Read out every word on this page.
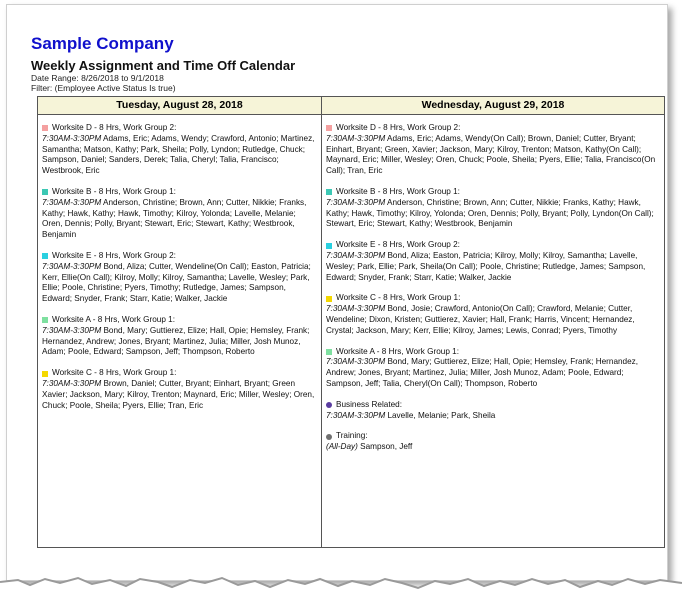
Sample Company
Weekly Assignment and Time Off Calendar
Date Range: 8/26/2018 to 9/1/2018
Filter: (Employee Active Status Is true)
Tuesday, August 28, 2018
Worksite D - 8 Hrs, Work Group 2:
7:30AM-3:30PM Adams, Eric; Adams, Wendy; Crawford, Antonio; Martinez, Samantha; Matson, Kathy; Park, Sheila; Polly, Lyndon; Rutledge, Chuck; Sampson, Daniel; Sanders, Derek; Talia, Cheryl; Talia, Francisco; Westbrook, Eric
Worksite B - 8 Hrs, Work Group 1:
7:30AM-3:30PM Anderson, Christine; Brown, Ann; Cutter, Nikkie; Franks, Kathy; Hawk, Kathy; Hawk, Timothy; Kilroy, Yolonda; Lavelle, Melanie; Oren, Dennis; Polly, Bryant; Stewart, Eric; Stewart, Kathy; Westbrook, Benjamin
Worksite E - 8 Hrs, Work Group 2:
7:30AM-3:30PM Bond, Aliza; Cutter, Wendeline(On Call); Easton, Patricia; Kerr, Ellie(On Call); Kilroy, Molly; Kilroy, Samantha; Lavelle, Wesley; Park, Ellie; Poole, Christine; Pyers, Timothy; Rutledge, James; Sampson, Edward; Snyder, Frank; Starr, Katie; Walker, Jackie
Worksite A - 8 Hrs, Work Group 1:
7:30AM-3:30PM Bond, Mary; Guttierez, Elize; Hall, Opie; Hemsley, Frank; Hernandez, Andrew; Jones, Bryant; Martinez, Julia; Miller, Josh Munoz, Adam; Poole, Edward; Sampson, Jeff; Thompson, Roberto
Worksite C - 8 Hrs, Work Group 1:
7:30AM-3:30PM Brown, Daniel; Cutter, Bryant; Einhart, Bryant; Green Xavier; Jackson, Mary; Kilroy, Trenton; Maynard, Eric; Miller, Wesley; Oren, Chuck; Poole, Sheila; Pyers, Ellie; Tran, Eric
Wednesday, August 29, 2018
Worksite D - 8 Hrs, Work Group 2:
7:30AM-3:30PM Adams, Eric; Adams, Wendy(On Call); Brown, Daniel; Cutter, Bryant; Einhart, Bryant; Green, Xavier; Jackson, Mary; Kilroy, Trenton; Matson, Kathy(On Call); Maynard, Eric; Miller, Wesley; Oren, Chuck; Poole, Sheila; Pyers, Ellie; Talia, Francisco(On Call); Tran, Eric
Worksite B - 8 Hrs, Work Group 1:
7:30AM-3:30PM Anderson, Christine; Brown, Ann; Cutter, Nikkie; Franks, Kathy; Hawk, Kathy; Hawk, Timothy; Kilroy, Yolonda; Oren, Dennis; Polly, Bryant; Polly, Lyndon(On Call); Stewart, Eric; Stewart, Kathy; Westbrook, Benjamin
Worksite E - 8 Hrs, Work Group 2:
7:30AM-3:30PM Bond, Aliza; Easton, Patricia; Kilroy, Molly; Kilroy, Samantha; Lavelle, Wesley; Park, Ellie; Park, Sheila(On Call); Poole, Christine; Rutledge, James; Sampson, Edward; Snyder, Frank; Starr, Katie; Walker, Jackie
Worksite C - 8 Hrs, Work Group 1:
7:30AM-3:30PM Bond, Josie; Crawford, Antonio(On Call); Crawford, Melanie; Cutter, Wendeline; Dixon, Kristen; Guttierez, Xavier; Hall, Frank; Harris, Vincent; Hernandez, Crystal; Jackson, Mary; Kerr, Ellie; Kilroy, James; Lewis, Conrad; Pyers, Timothy
Worksite A - 8 Hrs, Work Group 1:
7:30AM-3:30PM Bond, Mary; Guttierez, Elize; Hall, Opie; Hemsley, Frank; Hernandez, Andrew; Jones, Bryant; Martinez, Julia; Miller, Josh Munoz, Adam; Poole, Edward; Sampson, Jeff; Talia, Cheryl(On Call); Thompson, Roberto
Business Related:
7:30AM-3:30PM Lavelle, Melanie; Park, Sheila
Training:
(All-Day) Sampson, Jeff
